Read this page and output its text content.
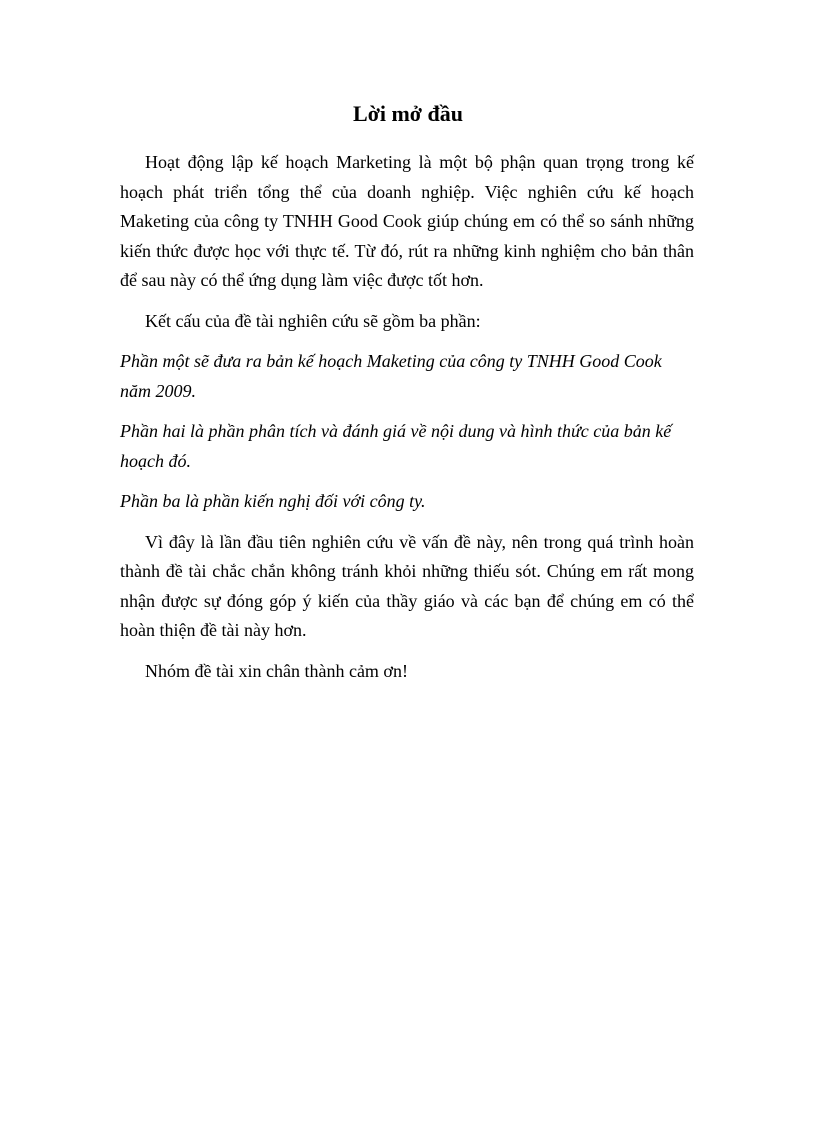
Lời mở đầu

Hoạt động lập kế hoạch Marketing là một bộ phận quan trọng trong kế hoạch phát triển tổng thể của doanh nghiệp. Việc nghiên cứu kế hoạch Maketing của công ty TNHH Good Cook giúp chúng em có thể so sánh những kiến thức được học với thực tế. Từ đó, rút ra những kinh nghiệm cho bản thân để sau này có thể ứng dụng làm việc được tốt hơn.

Kết cấu của đề tài nghiên cứu sẽ gồm ba phần:

Phần một sẽ đưa ra bản kế hoạch Maketing của công ty TNHH Good Cook năm 2009.

Phần hai là phần phân tích và đánh giá về nội dung và hình thức của bản kế hoạch đó.

Phần ba là phần kiến nghị đối với công ty.

Vì đây là lần đầu tiên nghiên cứu về vấn đề này, nên trong quá trình hoàn thành đề tài chắc chắn không tránh khỏi những thiếu sót. Chúng em rất mong nhận được sự đóng góp ý kiến của thầy giáo và các bạn để chúng em có thể hoàn thiện đề tài này hơn.

Nhóm đề tài xin chân thành cảm ơn!
